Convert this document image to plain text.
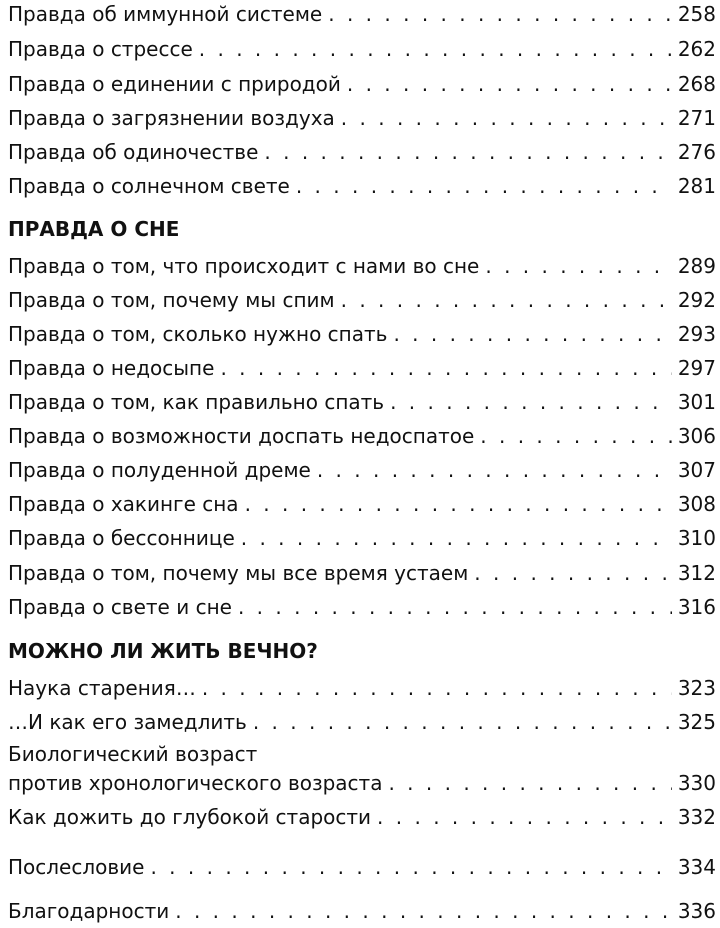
Правда об иммунной системе . . .	258
Правда о стрессе . . .	262
Правда о единении с природой . . .	268
Правда о загрязнении воздуха . . .	271
Правда об одиночестве . . .	276
Правда о солнечном свете . . .	281
ПРАВДА О СНЕ
Правда о том, что происходит с нами во сне . . .	289
Правда о том, почему мы спим . . .	292
Правда о том, сколько нужно спать . . .	293
Правда о недосыпе . . .	297
Правда о том, как правильно спать . . .	301
Правда о возможности доспать недоспатое . . .	306
Правда о полуденной дреме . . .	307
Правда о хакинге сна . . .	308
Правда о бессоннице . . .	310
Правда о том, почему мы все время устаем . . .	312
Правда о свете и сне . . .	316
МОЖНО ЛИ ЖИТЬ ВЕЧНО?
Наука старения… . . .	323
…И как его замедлить . . .	325
Биологический возраст
против хронологического возраста . . .	330
Как дожить до глубокой старости . . .	332
Послесловие . . .	334
Благодарности . . .	336
